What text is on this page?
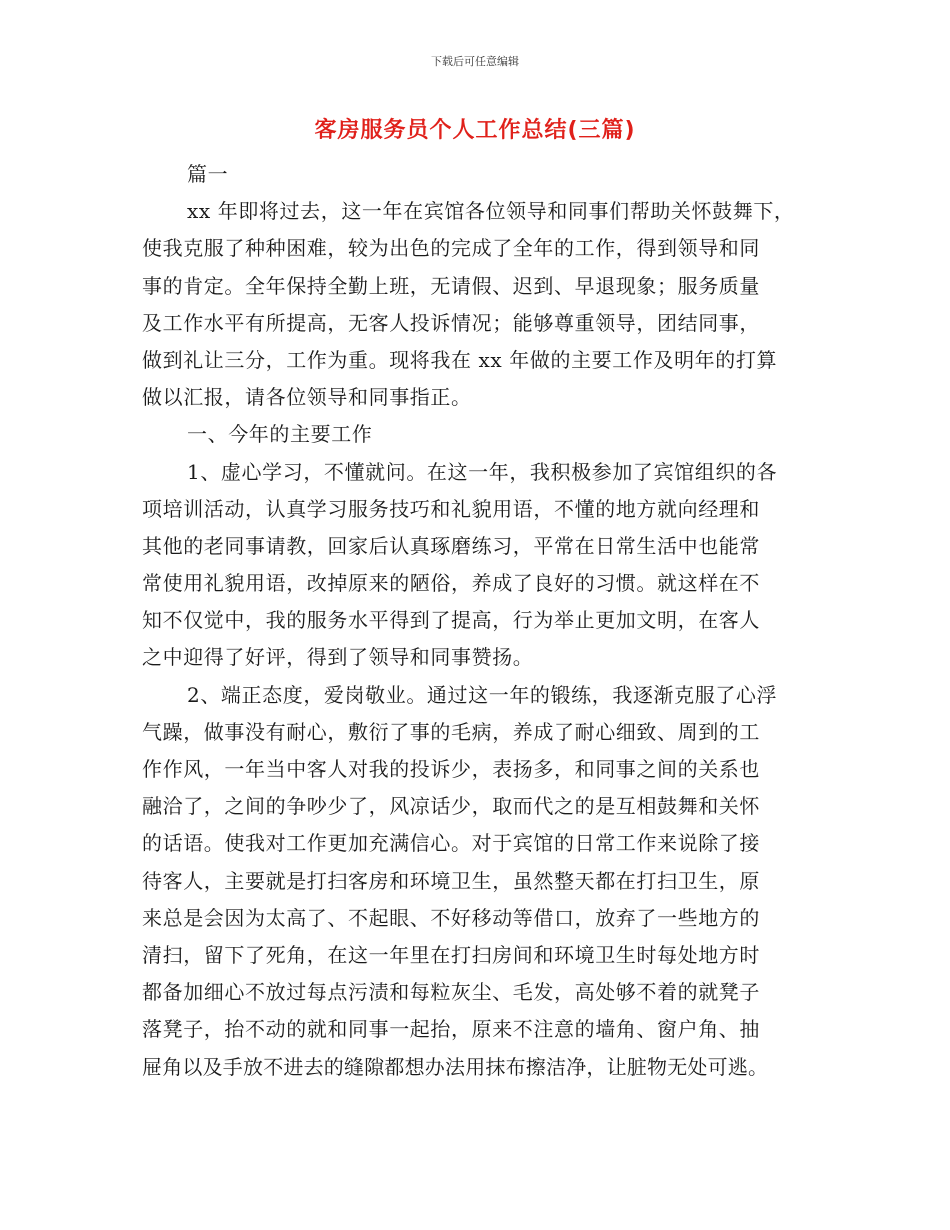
下载后可任意编辑
客房服务员个人工作总结(三篇)
篇一
xx 年即将过去，这一年在宾馆各位领导和同事们帮助关怀鼓舞下，
使我克服了种种困难，较为出色的完成了全年的工作，得到领导和同
事的肯定。全年保持全勤上班，无请假、迟到、早退现象；服务质量
及工作水平有所提高，无客人投诉情况；能够尊重领导，团结同事，
做到礼让三分，工作为重。现将我在 xx 年做的主要工作及明年的打算
做以汇报，请各位领导和同事指正。
一、今年的主要工作
1、虚心学习，不懂就问。在这一年，我积极参加了宾馆组织的各
项培训活动，认真学习服务技巧和礼貌用语，不懂的地方就向经理和
其他的老同事请教，回家后认真琢磨练习，平常在日常生活中也能常
常使用礼貌用语，改掉原来的陋俗，养成了良好的习惯。就这样在不
知不仅觉中，我的服务水平得到了提高，行为举止更加文明，在客人
之中迎得了好评，得到了领导和同事赞扬。
2、端正态度，爱岗敬业。通过这一年的锻练，我逐渐克服了心浮
气躁，做事没有耐心，敷衍了事的毛病，养成了耐心细致、周到的工
作作风，一年当中客人对我的投诉少，表扬多，和同事之间的关系也
融洽了，之间的争吵少了，风凉话少，取而代之的是互相鼓舞和关怀
的话语。使我对工作更加充满信心。对于宾馆的日常工作来说除了接
待客人，主要就是打扫客房和环境卫生，虽然整天都在打扫卫生，原
来总是会因为太高了、不起眼、不好移动等借口，放弃了一些地方的
清扫，留下了死角，在这一年里在打扫房间和环境卫生时每处地方时
都备加细心不放过每点污渍和每粒灰尘、毛发，高处够不着的就凳子
落凳子，抬不动的就和同事一起抬，原来不注意的墙角、窗户角、抽
屉角以及手放不进去的缝隙都想办法用抹布擦洁净，让脏物无处可逃。
